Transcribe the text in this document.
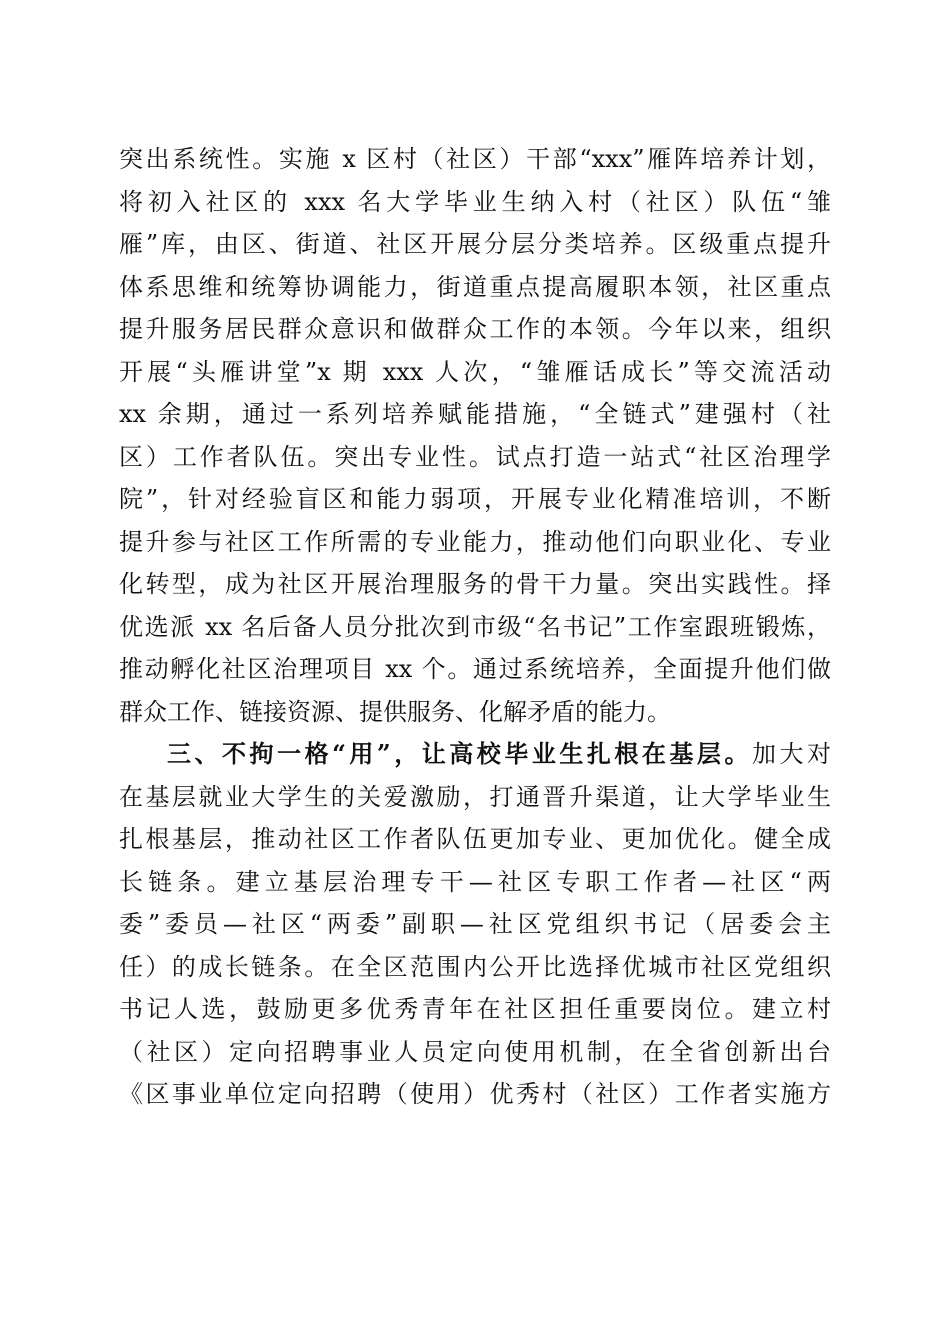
突出系统性。实施 x 区村（社区）干部“xxx”雁阵培养计划，
将初入社区的 xxx 名大学毕业生纳入村（社区）队伍“雏
雁”库，由区、街道、社区开展分层分类培养。区级重点提升
体系思维和统筹协调能力，街道重点提高履职本领，社区重点
提升服务居民群众意识和做群众工作的本领。今年以来，组织
开展“头雁讲堂”x 期 xxx 人次，“雏雁话成长”等交流活动
xx 余期，通过一系列培养赋能措施，“全链式”建强村（社
区）工作者队伍。突出专业性。试点打造一站式“社区治理学
院”，针对经验盲区和能力弱项，开展专业化精准培训，不断
提升参与社区工作所需的专业能力，推动他们向职业化、专业
化转型，成为社区开展治理服务的骨干力量。突出实践性。择
优选派 xx 名后备人员分批次到市级“名书记”工作室跟班锻炼，
推动孵化社区治理项目 xx 个。通过系统培养，全面提升他们做
群众工作、链接资源、提供服务、化解矛盾的能力。
三、不拘一格“用”，让高校毕业生扎根在基层。加大对
在基层就业大学生的关爱激励，打通晋升渠道，让大学毕业生
扎根基层，推动社区工作者队伍更加专业、更加优化。健全成
长链条。建立基层治理专干—社区专职工作者—社区“两
委”委员—社区“两委”副职—社区党组织书记（居委会主
任）的成长链条。在全区范围内公开比选择优城市社区党组织
书记人选，鼓励更多优秀青年在社区担任重要岗位。建立村
（社区）定向招聘事业人员定向使用机制，在全省创新出台
《区事业单位定向招聘（使用）优秀村（社区）工作者实施方
